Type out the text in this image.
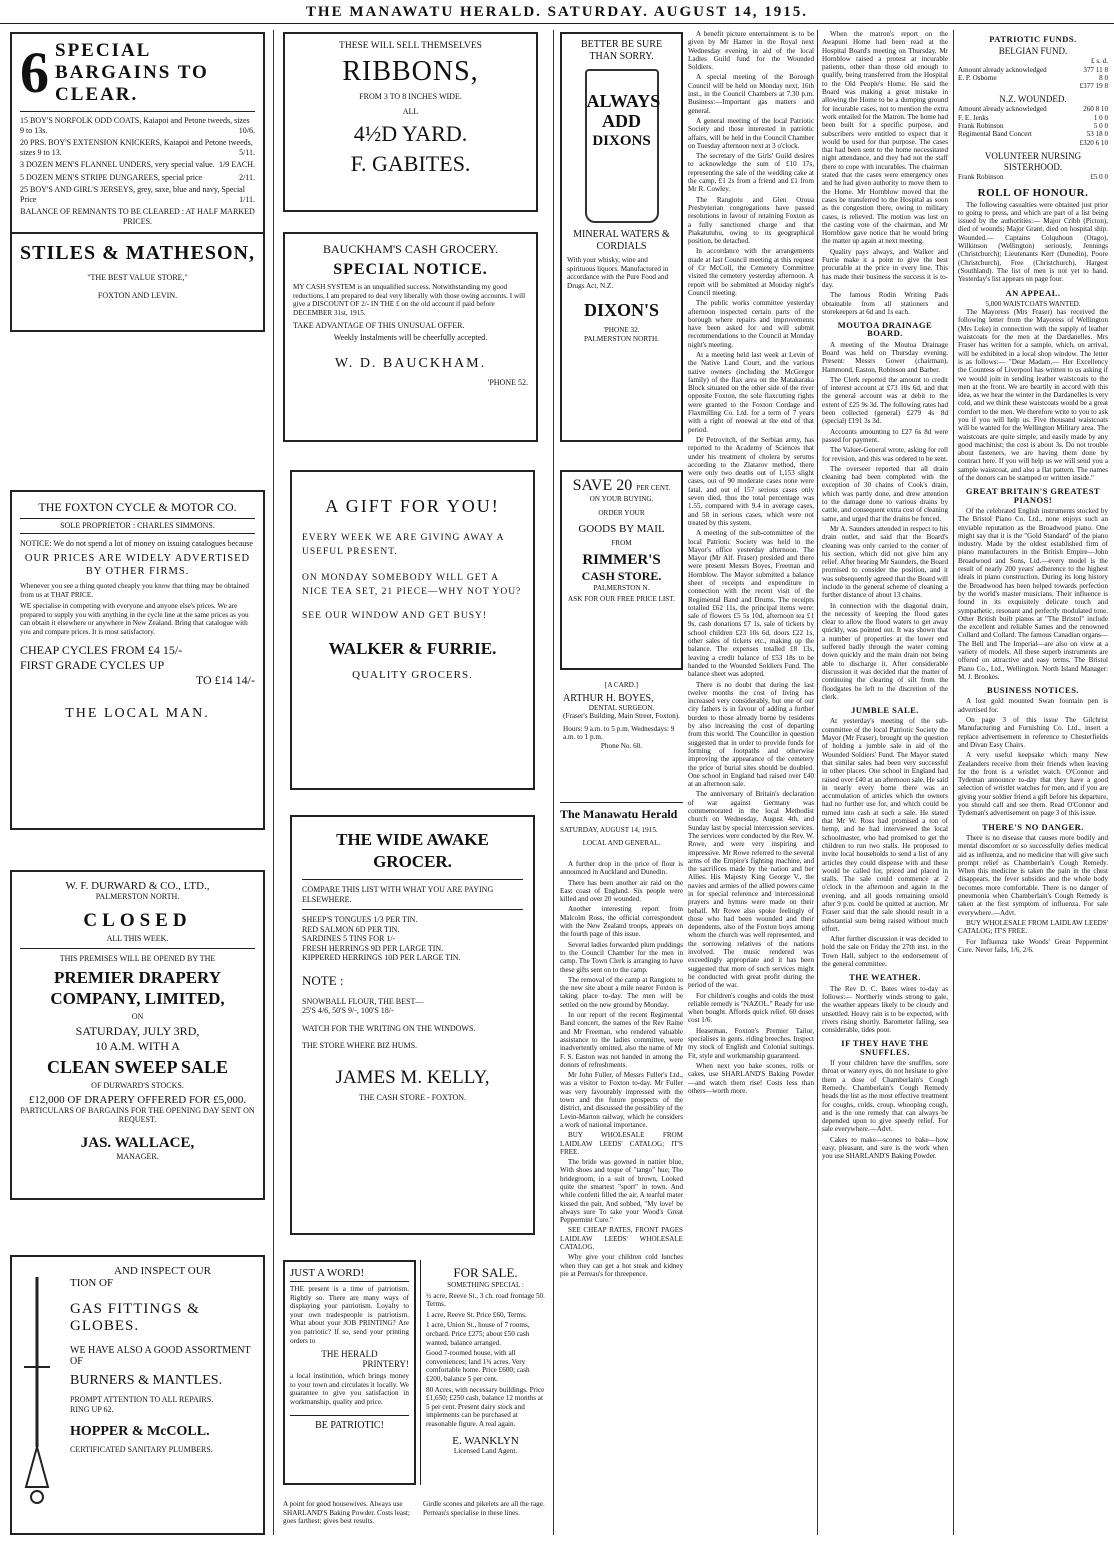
THE MANAWATU HERALD. SATURDAY. AUGUST 14, 1915.
6 SPECIAL BARGAINS TO CLEAR.
15 BOY'S NORFOLK ODD COATS, Kaiapoi and Petone tweeds, sizes 9 to 13s.	10/6.
20 PRS. BOY'S EXTENSION KNICKERS, Kaiapoi and Petone tweeds, sizes 9 to 13.	5/11.
3 DOZEN MEN'S FLANNEL UNDERS, very special value. 1/9 EACH.
5 DOZEN MEN'S STRIPE DUNGAREES, special price	2/11.
25 BOY'S AND GIRL'S JERSEYS, grey, saxe, blue and navy, Special Price	1/11.
BALANCE OF REMNANTS TO BE CLEARED : AT HALF MARKED PRICES.
STILES & MATHESON,
"THE BEST VALUE STORE,"
FOXTON AND LEVIN.
THE FOXTON CYCLE & MOTOR CO.
SOLE PROPRIETOR : CHARLES SIMMONS.
NOTICE: We do not spend a lot of money on issuing catalogues because
OUR PRICES ARE WIDELY ADVERTISED BY OTHER FIRMS.
Whenever you see a thing quoted cheaply you know that thing may be obtained from us at THAT PRICE.
WE specialise in competing with everyone and anyone else's prices. We are prepared to supply you with anything in the cycle line at the same prices as you can obtain it elsewhere or anywhere in New Zealand. Bring that catalogue with you and compare prices. It is most satisfactory.
CHEAP CYCLES FROM £4 15/-
FIRST GRADE CYCLES UP
TO £14 14/-
THE LOCAL MAN.
W. F. DURWARD & CO., LTD.,
PALMERSTON NORTH.
CLOSED
ALL THIS WEEK.
THIS PREMISES WILL BE OPENED BY THE
PREMIER DRAPERY COMPANY, LIMITED,
ON
SATURDAY, JULY 3RD,
10 A.M. WITH A
CLEAN SWEEP SALE
OF DURWARD'S STOCKS.
£12,000 OF DRAPERY OFFERED FOR £5,000.
PARTICULARS OF BARGAINS FOR THE OPENING DAY SENT ON REQUEST.
JAS. WALLACE,
MANAGER.
AND INSPECT OUR
TION OF
GAS FITTINGS &
GLOBES.
WE HAVE ALSO A GOOD ASSORTMENT OF
BURNERS & MANTLES.
PROMPT ATTENTION TO ALL REPAIRS.
RING UP 62.
HOPPER & McCOLL.
CERTIFICATED SANITARY PLUMBERS.
THESE WILL SELL THEMSELVES
RIBBONS,
FROM 3 TO 8 INCHES WIDE.
ALL
4½D YARD.
F. GABITES.
BAUCKHAM'S CASH GROCERY.
SPECIAL NOTICE.
MY CASH SYSTEM is an unqualified success. Notwithstanding my good reductions, I am prepared to deal very liberally with those owing accounts. I will give a DISCOUNT OF 2/- IN THE £ on the old account if paid before DECEMBER 31st, 1915.
TAKE ADVANTAGE OF THIS UNUSUAL OFFER.
Weekly Instalments will be cheerfully accepted.
W. D. BAUCKHAM.
'PHONE 52.
A GIFT FOR YOU!
EVERY WEEK WE ARE GIVING AWAY A USEFUL PRESENT.
ON MONDAY SOMEBODY WILL GET A NICE TEA SET, 21 PIECE—WHY NOT YOU?
SEE OUR WINDOW AND GET BUSY!
WALKER & FURRIE.
QUALITY GROCERS.
THE WIDE AWAKE GROCER.
COMPARE THIS LIST WITH WHAT YOU ARE PAYING ELSEWHERE.
SHEEP'S TONGUES 1/3 PER TIN.
RED SALMON 6D PER TIN.
SARDINES 5 TINS FOR 1/-
FRESH HERRINGS 9D PER LARGE TIN.
KIPPERED HERRINGS 10D PER LARGE TIN.
NOTE :
SNOWBALL FLOUR, THE BEST—
25'S 4/6, 50'S 9/-, 100'S 18/-
WATCH FOR THE WRITING ON THE WINDOWS.
THE STORE WHERE BIZ HUMS.
JAMES M. KELLY,
THE CASH STORE - FOXTON.
JUST A WORD!
THE present is a time of patriotism. Rightly so. There are many ways of displaying your patriotism. Loyalty to your own tradespeople is patriotism. What about your JOB PRINTING? Are you patriotic? If so, send your printing orders to
THE HERALD
PRINTERY!
a local institution, which brings money to your town and circulates it locally. We guarantee to give you satisfaction in workmanship, quality and price.
BE PATRIOTIC!
FOR SALE.
SOMETHING SPECIAL :
½ acre, Reeve St., 3 ch. road frontage 50. Terms.
1 acre, Reeve St. Price £60, Terms.
1 acre, Union St., house of 7 rooms, orchard. Price £275; about £50 cash wanted, balance arranged.
Good 7-roomed house, with all conveniences; land 1¾ acres. Very comfortable home. Price £600; cash £200, balance 5 per cent.
80 Acres, with necessary buildings. Price £1,650; £250 cash, balance 12 months at 5 per cent. Present dairy stock and implements can be purchased at reasonable figure. A real again.
E. WANKLYN
Licensed Land Agent.
A point for good housewives. Always use SHARLAND'S Baking Powder. Costs least; goes farthest; gives best results.
Girdle scones and pikelets are all the rage. Perreau's specialise in these lines.
BETTER BE SURE THAN SORRY.
ALWAYS
ADD
DIXONS
MINERAL WATERS & CORDIALS
With your whisky, wine and spirituous liquors. Manufactured in accordance with the Pure Food and Drugs Act, N.Z.
DIXON'S
'PHONE 32.
PALMERSTON NORTH.
SAVE 20 PER CENT.
ON YOUR BUYING.
ORDER YOUR
GOODS BY MAIL
FROM
RIMMER'S
CASH STORE.
PALMERSTON N.
ASK FOR OUR FREE PRICE LIST.
[A CARD.]
ARTHUR H. BOYES,
DENTAL SURGEON.
(Fraser's Building, Main Street, Foxton).
Hours: 9 a.m. to 5 p.m. Wednesdays: 9 a.m. to 1 p.m.
Phone No. 60.
The Manawatu Herald
SATURDAY, AUGUST 14, 1915.
LOCAL AND GENERAL.

A further drop in the price of flour is announced in Auckland and Dunedin.

There has been another air raid on the East coast of England. Six people were killed and over 20 wounded.

Another interesting report from Malcolm Ross, the official correspondent with the New Zealand troops, appears on the fourth page of this issue.

Several ladies forwarded plum puddings to the Council Chamber for the men in camp. The Town Clerk is arranging to have these gifts sent on to the camp.

The removal of the camp at Rangiotu to the new site about a mile nearer Foxton is taking place to-day. The men will be settled on the new ground by Monday.

In our report of the recent Regimental Band concert, the names of the Rev Raine and Mr Freeman, who rendered valuable assistance to the ladies committee, were inadvertently omitted, also the name of Mr F. S. Easton was not handed in among the donors of refreshments.

Mr John Fuller, of Messrs Fuller's Ltd., was a visitor to Foxton to-day. Mr Fuller was very favourably impressed with the town and the future prospects of the district, and discussed the possibility of the Levin-Marton railway, which he considers a work of national importance.

BUY WHOLESALE FROM LAIDLAW LEEDS' CATALOG; IT'S FREE.

The bride was gowned in nattier blue, With shoes and toque of "tango" hue; The bridegroom, in a suit of brown, Looked quite the smartest "sport" in town. And while confetti filled the air, A tearful mater kissed the pair, And sobbed, "My love! be always sure To take your Wood's Great Peppermint Cure."

SEE CHEAP RATES, FRONT PAGES LAIDLAW LEEDS' WHOLESALE CATALOG.

Why give your children cold lunches when they can get a hot steak and kidney pie at Perreau's for threepence.

A benefit picture entertainment is to be given by Mr Hamer in the Royal next Wednesday evening in aid of the local Ladies Guild fund for the Wounded Soldiers.

A special meeting of the Borough Council will be held on Monday next, 16th inst., in the Council Chambers at 7.30 p.m. Business:—Important gas matters and general.

A general meeting of the local Patriotic Society and those interested in patriotic affairs, will be held in the Council Chamber on Tuesday afternoon next at 3 o'clock.

The secretary of the Girls' Guild desires to acknowledge the sum of £10 17s, representing the sale of the wedding cake at the camp, £1 2s from a friend and £1 from Mr R. Cowley.

The Rangiotu and Glen Oroua Presbyterian congregations have passed resolutions in favour of retaining Foxton as a fully sanctioned charge and that Piakatutuhu, owing to its geographical position, be detached.

In accordance with the arrangements made at last Council meeting at this request of Cr McColl, the Cemetery Committee visited the cemetery yesterday afternoon. A report will be submitted at Monday night's Council meeting.

The public works committee yesterday afternoon inspected certain parts of the borough where repairs and improvements have been asked for and will submit recommendations to the Council at Monday night's meeting.

At a meeting held last week at Levin of the Native Land Court, and the various native owners (including the McGregor family) of the flax area on the Matakaraka Block situated on the other side of the river opposite Foxton, the sole flaxcutting rights were granted to the Foxton Cordage and Flaxmilling Co. Ltd. for a term of 7 years with a right of renewal at the end of that period.

Dr Petrovitch, of the Serbian army, has reported to the Academy of Sciences that under his treatment of cholera by serums according to the Zlatarov method, there were only two deaths out of 1,153 slight cases, out of 90 moderate cases none were fatal, and out of 157 serious cases only seven died, thus the total percentage was 1.55, compared with 9.4 in average cases, and 58 in serious cases, which were not treated by this system.

A meeting of the sub-committee of the local Patriotic Society was held in the Mayor's office yesterday afternoon. The Mayor (Mr Alf. Fraser) presided and there were present Messrs Boyes, Freeman and Hornblow. The Mayor submitted a balance sheet of receipts and expenditure in connection with the recent visit of the Regimental Band and Drums. The receipts totalled £62 11s, the principal items were: sale of flowers £5 5s 10d, afternoon tea £1 9s, cash donations £7 1s, sale of tickets by school children £23 10s 6d, doors £22 1s, other sales of tickets etc., making up the balance. The expenses totalled £8 13s, leaving a credit balance of £53 18s to be handed to the Wounded Soldiers Fund. The balance sheet was adopted.

There is no doubt that during the last twelve months the cost of living has increased very considerably, but one of our city fathers is in favour of adding a further burden to those already borne by residents by also increasing the cost of departing from this world. The Councillor in question suggested that in order to provide funds for forming of footpaths and otherwise improving the appearance of the cemetery the price of burial sites should be doubled. One school in England had raised over £40 at an afternoon sale.

The anniversary of Britain's declaration of war against Germany was commemorated in the local Methodist church on Wednesday, August 4th, and Sunday last by special intercession services. The services were conducted by the Rev. W. Rowe, and were very inspiring and impressive. Mr Rowe referred to the several arms of the Empire's fighting machine, and the sacrifices made by the nation and her Allies. His Majesty King George V., the navies and armies of the allied powers came in for special reference and intercessional prayers and hymns were made on their behalf. Mr Rowe also spoke feelingly of those who had been wounded and their dependents, also of the Foxton boys among whom the church was well represented, and the sorrowing relatives of the nations involved. The music rendered was exceedingly appropriate and it has been suggested that more of such services might be conducted with great profit during the period of the war.

For children's coughs and colds the most reliable remedy is "NAZOL." Ready for use when bought. Affords quick relief. 60 doses cost 1/6.

Heaseman, Foxton's Premier Tailor, specialises in gents. riding breeches. Inspect my stock of English and Colonial suitings. Fit, style and workmanship guaranteed.

When next you bake scones, rolls or cakes, use SHARLAND'S Baking Powder—and watch them rise! Costs less than others—worth more.

When the matron's report on the Awapuni Home had been read at the Hospital Board's meeting on Thursday, Mr Hornblow raised a protest at incurable patients, other than those old enough to qualify, being transferred from the Hospital to the Old People's Home. He said the Board was making a great mistake in allowing the Home to be a dumping ground for incurable cases, not to mention the extra work entailed for the Matron. The home had been built for a specific purpose, and subscribers were entitled to expect that it would be used for that purpose. The cases that had been sent to the home necessitated night attendance, and they had not the staff there to cope with incurables. The chairman stated that the cases were emergency ones and he had given authority to move them to the Home. Mr Hornblow moved that the cases be transferred to the Hospital as soon as the congestion there, owing to military cases, is relieved. The motion was lost on the casting vote of the chairman, and Mr Hornblow gave notice that he would bring the matter up again at next meeting.

Quality pays always, and Walker and Furrie make it a point to give the best procurable at the price in every line. This has made their business the success it is to-day.

The famous Rodin Writing Pads obtainable from all stationers and storekeepers at 6d and 1s each.

MOUTOA DRAINAGE BOARD.

A meeting of the Moutoa Drainage Board was held on Thursday evening. Present: Messrs Gower (chairman), Hammond, Easton, Robinson and Barber.

The Clerk reported the amount to credit of interest account at £73 10s 6d, and that the general account was at debit to the extent of £25 9s 3d. The following rates had been collected (general) £279 4s 8d (special) £191 3s 3d.

Accounts amounting to £27 6s 8d were passed for payment.

The Valuer-General wrote, asking for roll for revision, and this was ordered to be sent.

The overseer reported that all drain cleaning had been completed with the exception of 30 chains of Cook's drain, which was partly done, and drew attention to the damage done to various drains by cattle, and consequent extra cost of cleaning same, and urged that the drains be fenced.

Mr A. Saunders attended in respect to his drain outlet, and said that the Board's cleaning was only carried to the corner of his section, which did not give him any relief. After hearing Mr Saunders, the Board promised to consider the position, and it was subsequently agreed that the Board will include in the general scheme of cleaning a further distance of about 13 chains.

In connection with the diagonal drain, the necessity of keeping the flood gates clear to allow the flood waters to get away quickly, was pointed out. It was shown that a number of properties at the lower end suffered badly through the water coming down quickly and the main drain not being able to discharge it. After considerable discussion it was decided that the matter of continuing the clearing of silt from the floodgates be left to the discretion of the clerk.

JUMBLE SALE.

At yesterday's meeting of the sub-committee of the local Patriotic Society the Mayor (Mr Fraser), brought up the question of holding a jumble sale in aid of the Wounded Soldiers' Fund. The Mayor stated that similar sales had been very successful in other places. One school in England had raised over £40 at an afternoon sale. He said in nearly every home there was an accumulation of articles which the owners had no further use for, and which could be turned into cash at such a sale. He stated that Mr W. Ross had promised a ton of hemp, and he had interviewed the local schoolmaster, who had promised to get the children to run two stalls. He proposed to invite local households to send a list of any articles they could dispense with and these would be called for, priced and placed in stalls. The sale could commence at 2 o'clock in the afternoon and again in the evening, and all goods remaining unsold after 9 p.m. could be quitted at auction. Mr Fraser said that the sale should result in a substantial sum being raised without much effort.

After further discussion it was decided to hold the sale on Friday the 27th inst. in the Town Hall, subject to the endorsement of the general committee.

THE WEATHER.

The Rev D. C. Bates wires to-day as follows:— Northerly winds strong to gale, the weather appears likely to be cloudy and unsettled. Heavy rain is to be expected, with rivers rising shortly. Barometer falling, sea considerable, tides poor.

IF THEY HAVE THE SNUFFLES.

If your children have the snuffles, sore throat or watery eyes, do not hesitate to give them a dose of Chamberlain's Cough Remedy. Chamberlain's Cough Remedy heads the list as the most effective treatment for coughs, colds, croup, whooping cough, and is the one remedy that can always be depended upon to give speedy relief. For sale everywhere.—Advt.

Cakes to make—scones to bake—how easy, pleasant, and sure is the work when you use SHARLAND'S Baking Powder.

PATRIOTIC FUNDS.
BELGIAN FUND.
£ s. d.
Amount already acknowledged	377 11 8
E. P. Osborne	8 0
£377 19 8
N.Z. WOUNDED.
Amount already acknowledged	260 8 10
F. E. Jenks	1 0 0
Frank Robinson	5 0 0
Regimental Band Concert	53 18 0
£320 6 10
VOLUNTEER NURSING SISTERHOOD.
Frank Robinson	£5 0 0
ROLL OF HONOUR.

The following casualties were obtained just prior to going to press, and which are part of a list being issued by the authorities:— Major Cribb (Picton), died of wounds; Major Grant, died on hospital ship. Wounded.— Captains Colquhoun (Otago), Wilkinson (Wellington) seriously, Jennings (Christchurch); Lieutenants Kerr (Dunedin), Poore (Christchurch), Free (Christchurch), Hargest (Southland). The list of men is not yet to hand. Yesterday's list appears on page four.

AN APPEAL.
5,000 WAISTCOATS WANTED.

The Mayoress (Mrs Fraser) has received the following letter from the Mayoress of Wellington (Mrs Luke) in connection with the supply of leather waistcoats for the men at the Dardanelles. Mrs Fraser has written for a sample, which, on arrival, will be exhibited in a local shop window. The letter is as follows:— "Dear Madam,— Her Excellency the Countess of Liverpool has written to us asking if we would join in sending leather waistcoats to the men at the front. We are heartily in accord with this idea, as we hear the winter in the Dardanelles is very cold, and we think these waistcoats would be a great comfort to the men. We therefore write to you to ask you if you will help us. Five thousand waistcoats will be wanted for the Wellington Military area. The waistcoats are quite simple, and easily made by any good machinist; the cost is about 3s. Do not trouble about fasteners, we are having them done by contract here. If you will help us we will send you a sample waistcoat, and also a flat pattern. The names of the donors can be stamped or written inside."

GREAT BRITAIN'S GREATEST PIANOS!

Of the celebrated English instruments stocked by The Bristol Piano Co. Ltd., none enjoys such an enviable reputation as the Broadwood piano. One might say that it is the "Gold Standard" of the piano industry. Made by the oldest established firm of piano manufacturers in the British Empire—John Broadwood and Sons, Ltd.—every model is the result of nearly 200 years' adherence to the highest ideals in piano construction. During its long history the Broadwood has been helped towards perfection by the world's master musicians. Their influence is found in its exquisitely delicate touch and sympathetic, resonant and perfectly modulated tone. Other British built pianos at "The Bristol" include the excellent and reliable Sames and the renowned Collard and Collard. The famous Canadian organs—The Bell and The Imperial—are also on view at a variety of models. All these superb instruments are offered on attractive and easy terms. The Bristol Piano Co., Ltd., Wellington. North Island Manager: M. J. Brookes.

BUSINESS NOTICES.

A lost gold mounted Swan fountain pen is advertised for.

On page 3 of this issue The Gilchrist Manufacturing and Furnishing Co. Ltd., insert a replace advertisement in reference to Chesterfields and Divan Easy Chairs.

A very useful keepsake which many New Zealanders receive from their friends when leaving for the front is a wristlet watch. O'Connor and Tydeman announce to-day that they have a good selection of wristlet watches for men, and if you are giving your soldier friend a gift before his departure, you should call and see them. Read O'Connor and Tydeman's advertisement on page 3 of this issue.

THERE'S NO DANGER.

There is no disease that causes more bodily and mental discomfort or so successfully defies medical aid as influenza, and no medicine that will give such prompt relief as Chamberlain's Cough Remedy. When this medicine is taken the pain in the chest disappears, the fever subsides and the whole body becomes more comfortable. There is no danger of pneumonia when Chamberlain's Cough Remedy is taken at the first symptom of influenza. For sale everywhere.—Advt.

BUY WHOLESALE FROM LAIDLAW LEEDS' CATALOG; IT'S FREE.

For Influenza take Woods' Great Peppermint Cure. Never fails, 1/6, 2/6.
